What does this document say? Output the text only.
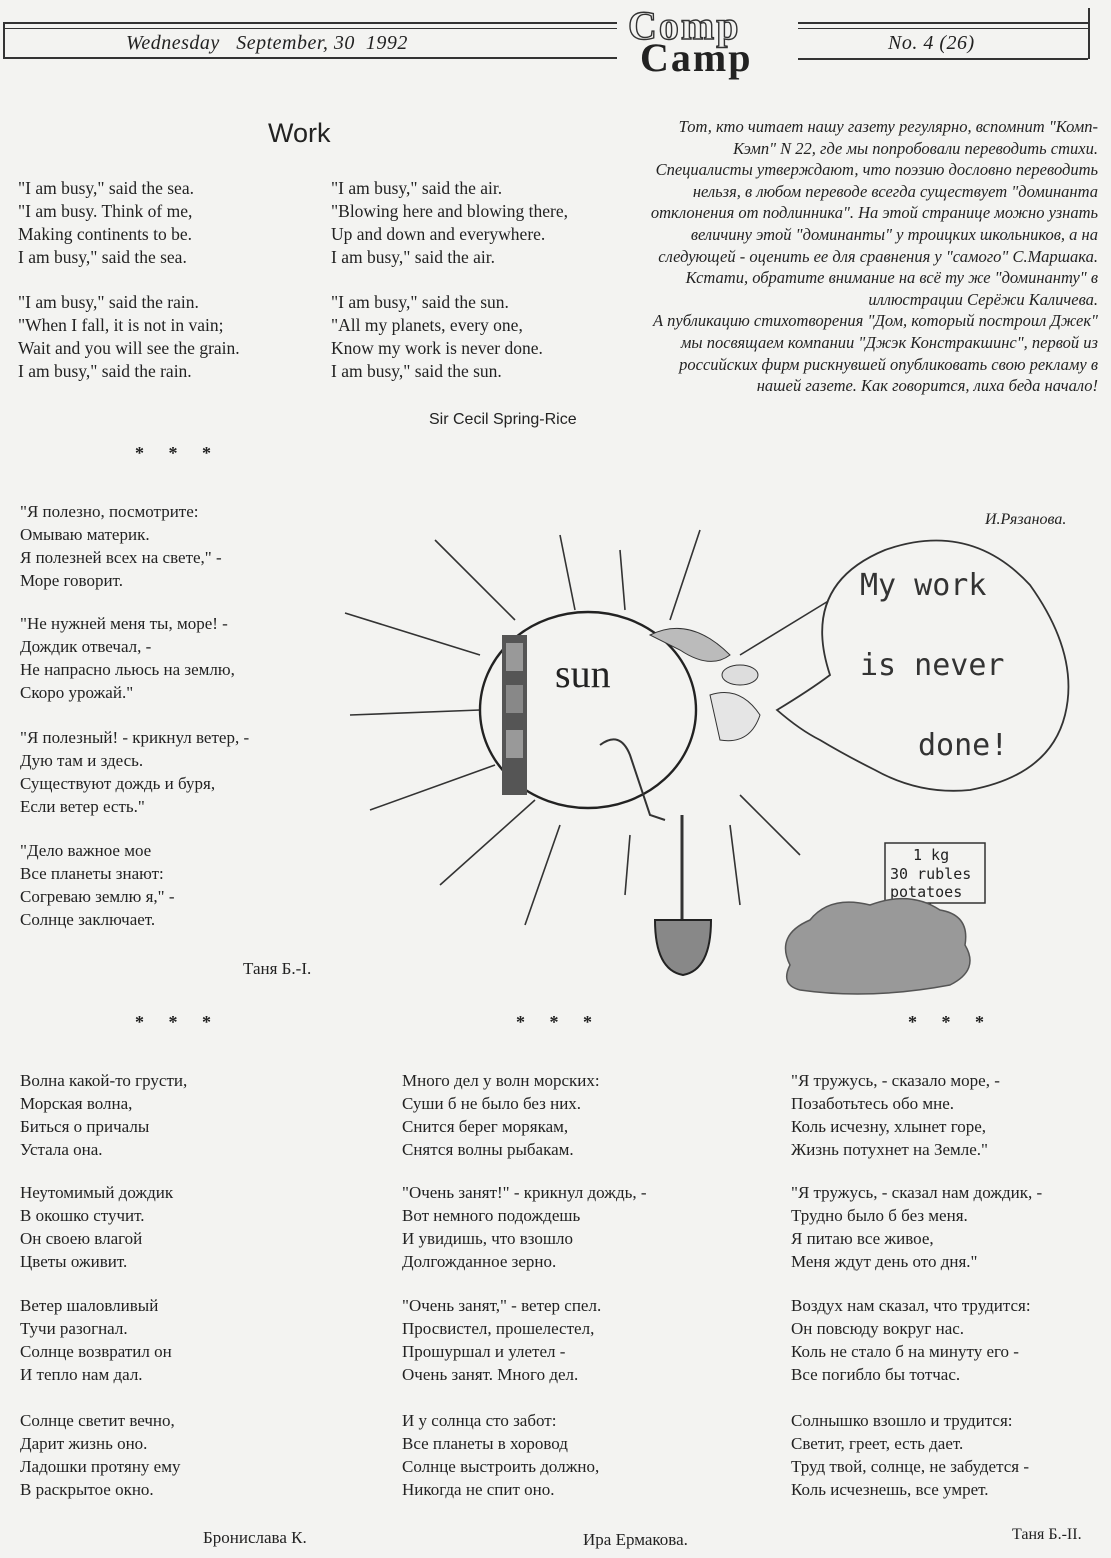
Wednesday   September, 30  1992	Comp
Camp	No. 4 (26)
Work
"I am busy," said the sea.
"I am busy. Think of me,
Making continents to be.
I am busy," said the sea.
"I am busy," said the rain.
"When I fall, it is not in vain;
Wait and you will see the grain.
I am busy," said the rain.
"I am busy," said the air.
"Blowing here and blowing there,
Up and down and everywhere.
I am busy," said the air.
"I am busy," said the sun.
"All my planets, every one,
Know my work is never done.
I am busy," said the sun.
Sir Cecil Spring-Rice

Тот, кто читает нашу газету регулярно, вспомнит "Комп-Кэмп" N 22, где мы попробовали переводить стихи. Специалисты утверждают, что поэзию дословно переводить нельзя, в любом переводе всегда существует "доминанта отклонения от подлинника". На этой странице можно узнать величину этой "доминанты" у троицких школьников, а на следующей - оценить ее для сравнения у "самого" С.Маршака. Кстати, обратите внимание на всё ту же "доминанту" в иллюстрации Серёжи Каличева.

А публикацию стихотворения "Дом, который построил Джек" мы посвящаем компании "Джэк Констракшинс", первой из российских фирм рискнувшей опубликовать свою рекламу в нашей газете. Как говорится, лиха беда начало!

И.Рязанова.
* * *
* * *	* * *	* * *
"Я полезно, посмотрите:
Омываю материк.
Я полезней всех на свете," -
Море говорит.
"Не нужней меня ты, море! -
Дождик отвечал, -
Не напрасно льюсь на землю,
Скоро урожай."
"Я полезный! - крикнул ветер, -
Дую там и здесь.
Существуют дождь и буря,
Если ветер есть."
"Дело важное мое
Все планеты знают:
Согреваю землю я," -
Солнце заключает.
Таня Б.-I.
sun
My work
is never
done!
1 kg
30 rubles
potatoes
Волна какой-то грусти,
Морская волна,
Биться о причалы
Устала она.
Неутомимый дождик
В окошко стучит.
Он своею влагой
Цветы оживит.
Ветер шаловливый
Тучи разогнал.
Солнце возвратил он
И тепло нам дал.
Солнце светит вечно,
Дарит жизнь оно.
Ладошки протяну ему
В раскрытое окно.
Бронислава К.
Много дел у волн морских:
Суши б не было без них.
Снится берег морякам,
Снятся волны рыбакам.
"Очень занят!" - крикнул дождь, -
Вот немного подождешь
И увидишь, что взошло
Долгожданное зерно.
"Очень занят," - ветер спел.
Просвистел, прошелестел,
Прошуршал и улетел -
Очень занят. Много дел.
И у солнца сто забот:
Все планеты в хоровод
Солнце выстроить должно,
Никогда не спит оно.
Ира Ермакова.
"Я тружусь, - сказало море, -
Позаботьтесь обо мне.
Коль исчезну, хлынет горе,
Жизнь потухнет на Земле."
"Я тружусь, - сказал нам дождик, -
Трудно было б без меня.
Я питаю все живое,
Меня ждут день ото дня."
Воздух нам сказал, что трудится:
Он повсюду вокруг нас.
Коль не стало б на минуту его -
Все погибло бы тотчас.
Солнышко взошло и трудится:
Светит, греет, есть дает.
Труд твой, солнце, не забудется -
Коль исчезнешь, все умрет.
Таня Б.-II.
